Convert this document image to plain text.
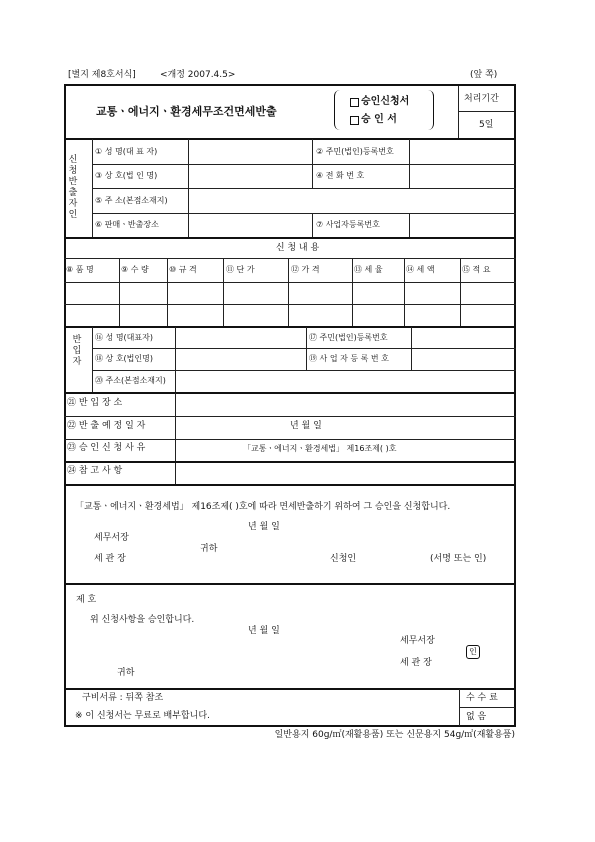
[별지 제8호서식]	<개정 2007.4.5>	(앞 쪽)
교통ㆍ에너지ㆍ환경세무조건면세반출
승인신청서
승 인 서
처리기간
5일
신청 반출자 인
① 성 명(대 표 자)	② 주민(법인)등록번호
③ 상 호(법 인 명)	④ 전 화 번 호
⑤ 주 소(본점소재지)
⑥ 판매ㆍ반출장소	⑦ 사업자등록번호
신 청 내 용
⑧ 품 명	⑨ 수 량	⑩ 규 격	⑪ 단 가	⑫ 가 격	⑬ 세 율	⑭ 세 액	⑮ 적 요
반 입 자
⑯ 성 명(대표자)	⑰ 주민(법인)등록번호
⑱ 상 호(법인명)	⑲ 사 업 자 등 록 번 호
⑳ 주소(본점소재지)
㉑ 반 입 장 소
㉒ 반 출 예 정 일 자	년 월 일
㉓ 승 인 신 청 사 유	「교통ㆍ에너지ㆍ환경세법」 제16조제( )호
㉔ 참 고 사 항
「교통ㆍ에너지ㆍ환경세법」 제16조제( )호에 따라 면세반출하기 위하여 그 승인을 신청합니다.
년 월 일
세무서장
귀하
세 관 장	신청인	(서명 또는 인)
제 호
위 신청사항을 승인합니다.
년 월 일
세무서장
인
세 관 장
귀하
구비서류 : 뒤쪽 참조
※ 이 신청서는 무료로 배부합니다.
수 수 료
없 음
일반용지 60g/㎡(재활용품) 또는 신문용지 54g/㎡(재활용품)
